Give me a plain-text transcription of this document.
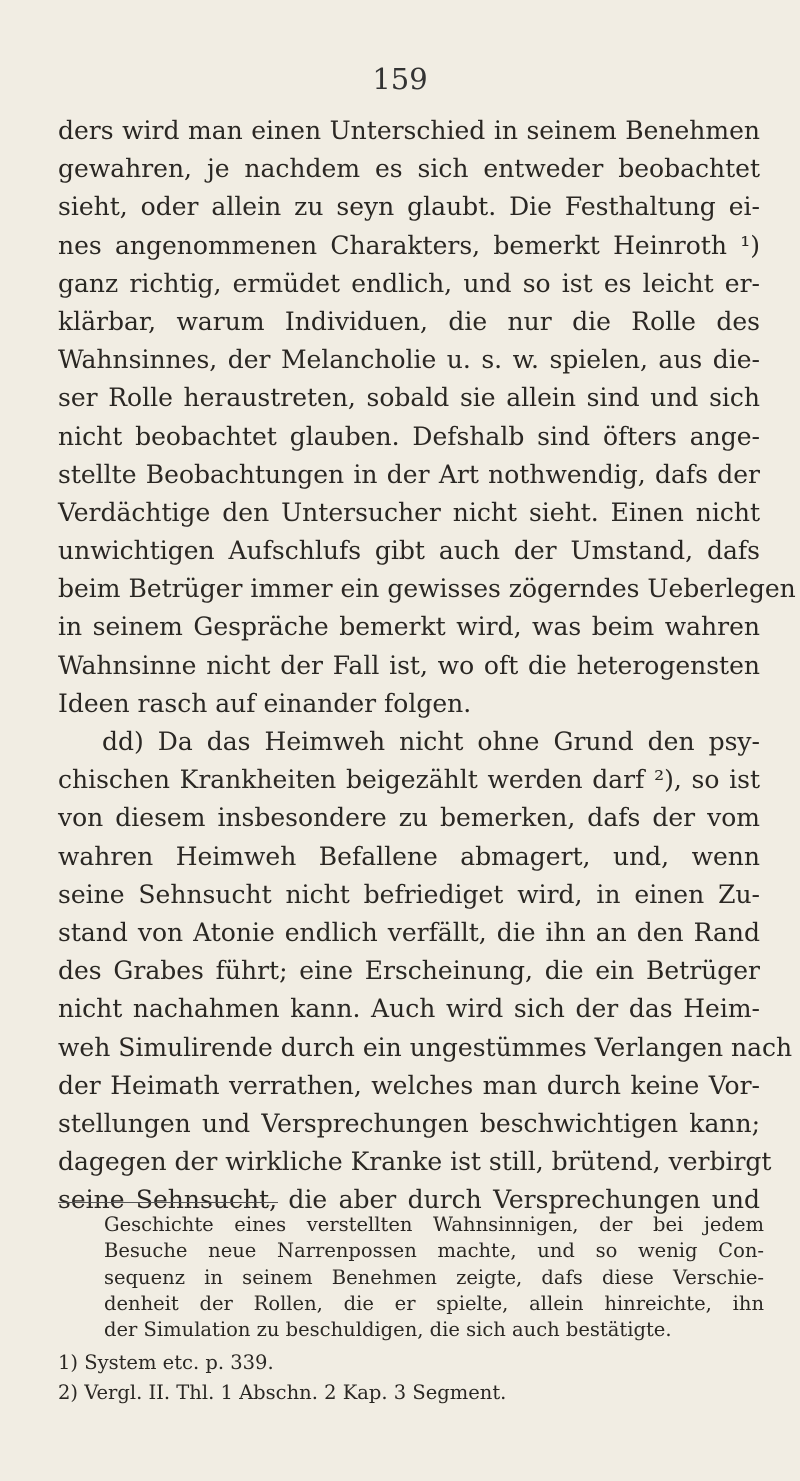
159
ders wird man einen Unterschied in seinem Benehmen
gewahren, je nachdem es sich entweder beobachtet
sieht, oder allein zu seyn glaubt. Die Festhaltung ei-
nes angenommenen Charakters, bemerkt Heinroth ¹)
ganz richtig, ermüdet endlich, und so ist es leicht er-
klärbar, warum Individuen, die nur die Rolle des
Wahnsinnes, der Melancholie u. s. w. spielen, aus die-
ser Rolle heraustreten, sobald sie allein sind und sich
nicht beobachtet glauben. Defshalb sind öfters ange-
stellte Beobachtungen in der Art nothwendig, dafs der
Verdächtige den Untersucher nicht sieht. Einen nicht
unwichtigen Aufschlufs gibt auch der Umstand, dafs
beim Betrüger immer ein gewisses zögerndes Ueberlegen
in seinem Gespräche bemerkt wird, was beim wahren
Wahnsinne nicht der Fall ist, wo oft die heterogensten
Ideen rasch auf einander folgen.
dd) Da das Heimweh nicht ohne Grund den psy-
chischen Krankheiten beigezählt werden darf ²), so ist
von diesem insbesondere zu bemerken, dafs der vom
wahren Heimweh Befallene abmagert, und, wenn
seine Sehnsucht nicht befriediget wird, in einen Zu-
stand von Atonie endlich verfällt, die ihn an den Rand
des Grabes führt; eine Erscheinung, die ein Betrüger
nicht nachahmen kann. Auch wird sich der das Heim-
weh Simulirende durch ein ungestümmes Verlangen nach
der Heimath verrathen, welches man durch keine Vor-
stellungen und Versprechungen beschwichtigen kann;
dagegen der wirkliche Kranke ist still, brütend, verbirgt
seine Sehnsucht, die aber durch Versprechungen und
Geschichte eines verstellten Wahnsinnigen, der bei jedem
Besuche neue Narrenpossen machte, und so wenig Con-
sequenz in seinem Benehmen zeigte, dafs diese Verschie-
denheit der Rollen, die er spielte, allein hinreichte, ihn
der Simulation zu beschuldigen, die sich auch bestätigte.
1) System etc. p. 339.
2) Vergl. II. Thl. 1 Abschn. 2 Kap. 3 Segment.
